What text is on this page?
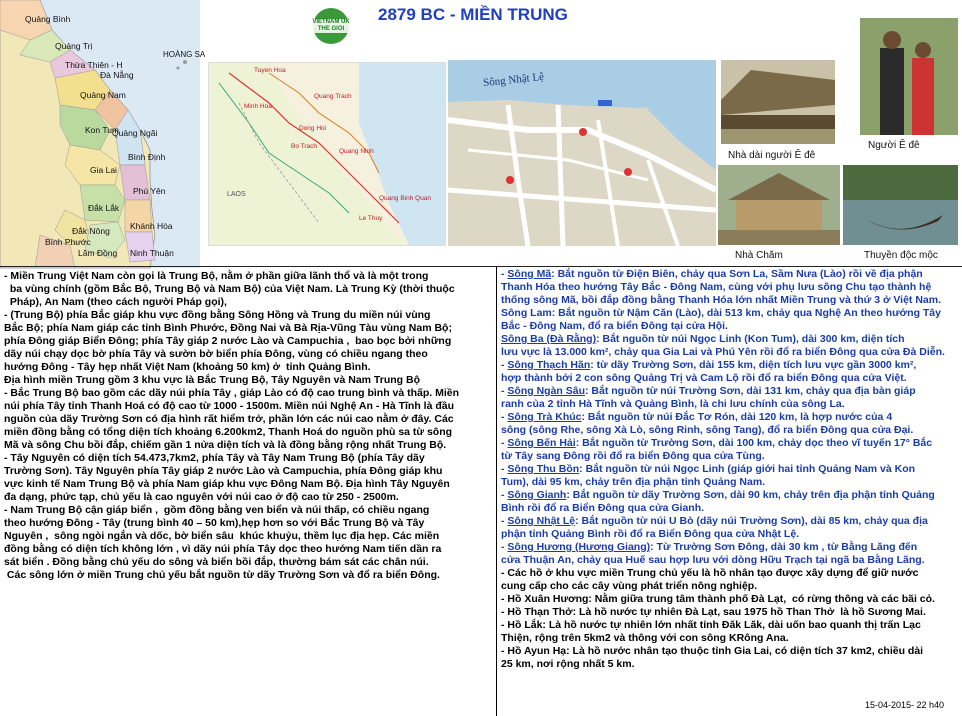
Quảng Bình
Quảng Trị
Thừa Thiên - H
Đà Nẵng
Quảng Nam
Kon Tum
Quảng Ngãi
Bình Định
Gia Lai
Phú Yên
Đắk Lắk
Khánh Hòa
Đắk Nông
Bình Phước
Lâm Đồng Ninh Thuận
HOÀNG SA
VIETNAM UK
THE GIOI
2879 BC - MIỀN TRUNG
Tuyen Hoa
Quang Trach
Minh Hoa
Dong Hoi
Bo Trach
Quang Ninh
Le Thuy
LAOS
Quang Binh Quan
Sông Nhật Lệ
Nhà dài người Ê đê
Người Ê đê
Nhà Chăm	Thuyền độc mộc

- Miền Trung Việt Nam còn gọi là Trung Bộ, nằm ở phần giữa lãnh thổ và là một trong
ba vùng chính (gồm Bắc Bộ, Trung Bộ và Nam Bộ) của Việt Nam. Là Trung Kỳ (thời thuộc
Pháp), An Nam (theo cách người Pháp gọi),

- (Trung Bộ) phía Bắc giáp khu vực đồng bằng Sông Hồng và Trung du miền núi vùng
Bắc Bộ; phía Nam giáp các tỉnh Bình Phước, Đồng Nai và Bà Rịa-Vũng Tàu vùng Nam Bộ;
phía Đông giáp Biển Đông; phía Tây giáp 2 nước Lào và Campuchia ,  bao bọc bởi những
dãy núi chạy dọc bờ phía Tây và sườn bờ biển phía Đông, vùng có chiều ngang theo
hướng Đông - Tây hẹp nhất Việt Nam (khoảng 50 km) ở  tỉnh Quảng Bình.

Địa hình miền Trung gồm 3 khu vực là Bắc Trung Bộ, Tây Nguyên và Nam Trung Bộ

- Bắc Trung Bộ bao gồm các dãy núi phía Tây , giáp Lào có độ cao trung bình và thấp. Miền
núi phía Tây tỉnh Thanh Hoá có độ cao từ 1000 - 1500m. Miền núi Nghệ An - Hà Tĩnh là đầu
nguồn của dãy Trường Sơn có địa hình rất hiểm trở, phần lớn các núi cao nằm ở đây. Các
miền đồng bằng có tổng diện tích khoảng 6.200km2, Thanh Hoá do nguồn phù sa từ sông
Mã và sông Chu bồi đắp, chiếm gần 1 nửa diện tích và là đồng bằng rộng nhất Trung Bộ.

- Tây Nguyên có diện tích 54.473,7km2, phía Tây và Tây Nam Trung Bộ (phía Tây dãy
Trường Sơn). Tây Nguyên phía Tây giáp 2 nước Lào và Campuchia, phía Đông giáp khu
vực kinh tế Nam Trung Bộ và phía Nam giáp khu vực Đông Nam Bộ. Địa hình Tây Nguyên
đa dạng, phức tạp, chủ yếu là cao nguyên với núi cao ở độ cao từ 250 - 2500m.

- Nam Trung Bộ cận giáp biển ,  gồm đồng bằng ven biển và núi thấp, có chiều ngang
theo hướng Đông - Tây (trung bình 40 – 50 km),hẹp hơn so với Bắc Trung Bộ và Tây
Nguyên ,  sông ngòi ngắn và dốc, bờ biển sâu  khúc khuỷu, thềm lục địa hẹp. Các miền
đồng bằng có diện tích không lớn , vì dãy núi phía Tây dọc theo hướng Nam tiến dần ra
sát biển . Đồng bằng chủ yếu do sông và biển bồi đắp, thường bám sát các chân núi.
Các sông lớn ở miền Trung chủ yếu bắt nguồn từ dãy Trường Sơn và đổ ra biển Đông.

- Sông Mã: Bắt nguồn từ Điện Biên, chảy qua Sơn La, Sầm Nưa (Lào) rồi về địa phận
Thanh Hóa theo hướng Tây Bắc - Đông Nam, cùng với phụ lưu sông Chu tạo thành hệ
thống sông Mã, bồi đắp đồng bằng Thanh Hóa lớn nhất Miền Trung và thứ 3 ở Việt Nam.

Sông Lam: Bắt nguồn từ Nậm Căn (Lào), dài 513 km, chảy qua Nghệ An theo hướng Tây
Bắc - Đông Nam, đổ ra biển Đông tại cửa Hội.

Sông Ba (Đà Rằng): Bắt nguồn từ núi Ngọc Linh (Kon Tum), dài 300 km, diện tích
lưu vực là 13.000 km², chảy qua Gia Lai và Phú Yên rồi đổ ra biển Đông qua cửa Đà Diễn.

- Sông Thạch Hãn: từ dãy Trường Sơn, dài 155 km, diện tích lưu vực gần 3000 km²,
hợp thành bởi 2 con sông Quảng Trị và Cam Lộ rồi đổ ra biển Đông qua cửa Việt.

- Sông Ngàn Sâu: Bắt nguồn từ núi Trường Sơn, dài 131 km, chảy qua địa bàn giáp
ranh của 2 tỉnh Hà Tĩnh và Quảng Bình, là chi lưu chính của sông La.

- Sông Trà Khúc: Bắt nguồn từ núi Đắc Tơ Rón, dài 120 km, là hợp nước của 4
sông (sông Rhe, sông Xà Lò, sông Rinh, sông Tang), đổ ra biển Đông qua cửa Đại.

- Sông Bến Hải: Bắt nguồn từ Trường Sơn, dài 100 km, chảy dọc theo vĩ tuyến 17° Bắc
từ Tây sang Đông rồi đổ ra biển Đông qua cửa Tùng.

- Sông Thu Bồn: Bắt nguồn từ núi Ngọc Linh (giáp giới hai tỉnh Quảng Nam và Kon
Tum), dài 95 km, chảy trên địa phận tỉnh Quảng Nam.

- Sông Gianh: Bắt nguồn từ dãy Trường Sơn, dài 90 km, chảy trên địa phận tỉnh Quảng
Bình rồi đổ ra Biển Đông qua cửa Gianh.

- Sông Nhật Lệ: Bắt nguồn từ núi U Bò (dãy núi Trường Sơn), dài 85 km, chảy qua địa
phận tỉnh Quảng Bình rồi đổ ra Biển Đông qua cửa Nhật Lệ.

- Sông Hương (Hương Giang): Từ Trường Sơn Đông, dài 30 km , từ Bằng Lăng đến
cửa Thuận An, chảy qua Huế sau hợp lưu với dòng Hữu Trạch tại ngã ba Bằng Lãng.

- Các hồ ở khu vực miền Trung chủ yếu là hồ nhân tạo được xây dựng để giữ nước
cung cấp cho các cây vùng phát triển nông nghiệp.

- Hồ Xuân Hương: Nằm giữa trung tâm thành phố Đà Lạt,  có rừng thông và các bãi cỏ.

- Hồ Thạn Thở: Là hồ nước tự nhiên Đà Lạt, sau 1975 hồ Than Thở  là hồ Sương Mai.

- Hồ Lắk: Là hồ nước tự nhiên lớn nhất tỉnh Đăk Lăk, dài uốn bao quanh thị trấn Lạc
Thiện, rộng trên 5km2 và thông với con sông KRông Ana.

- Hồ Ayun Hạ: Là hồ nước nhân tạo thuộc tỉnh Gia Lai, có diện tích 37 km2, chiều dài
25 km, nơi rộng nhất 5 km.

15-04-2015- 22 h40
